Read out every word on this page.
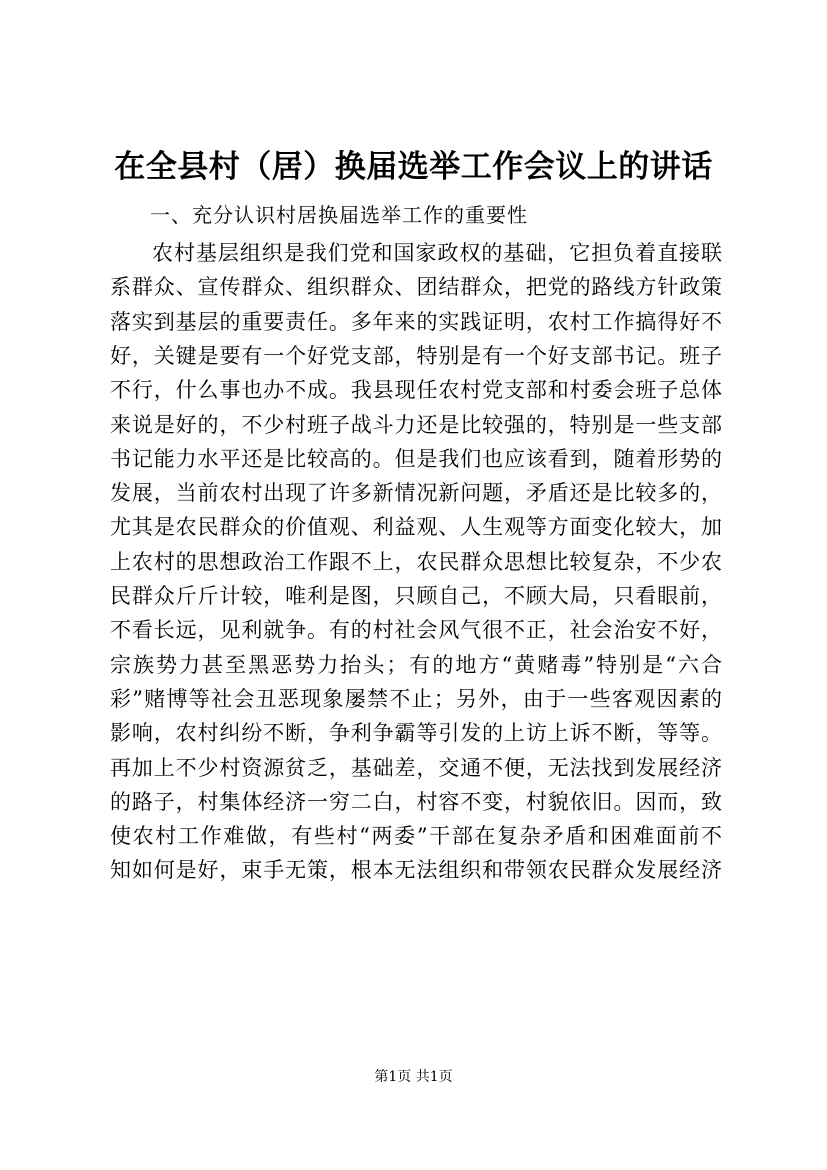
在全县村（居）换届选举工作会议上的讲话
一、充分认识村居换届选举工作的重要性
农村基层组织是我们党和国家政权的基础，它担负着直接联
系群众、宣传群众、组织群众、团结群众，把党的路线方针政策
落实到基层的重要责任。多年来的实践证明，农村工作搞得好不
好，关键是要有一个好党支部，特别是有一个好支部书记。班子
不行，什么事也办不成。我县现任农村党支部和村委会班子总体
来说是好的，不少村班子战斗力还是比较强的，特别是一些支部
书记能力水平还是比较高的。但是我们也应该看到，随着形势的
发展，当前农村出现了许多新情况新问题，矛盾还是比较多的，
尤其是农民群众的价值观、利益观、人生观等方面变化较大，加
上农村的思想政治工作跟不上，农民群众思想比较复杂，不少农
民群众斤斤计较，唯利是图，只顾自己，不顾大局，只看眼前，
不看长远，见利就争。有的村社会风气很不正，社会治安不好，
宗族势力甚至黑恶势力抬头；有的地方“黄赌毒”特别是“六合
彩”赌博等社会丑恶现象屡禁不止；另外，由于一些客观因素的
影响，农村纠纷不断，争利争霸等引发的上访上诉不断，等等。
再加上不少村资源贫乏，基础差，交通不便，无法找到发展经济
的路子，村集体经济一穷二白，村容不变，村貌依旧。因而，致
使农村工作难做，有些村“两委”干部在复杂矛盾和困难面前不
知如何是好，束手无策，根本无法组织和带领农民群众发展经济
第1页 共1页
